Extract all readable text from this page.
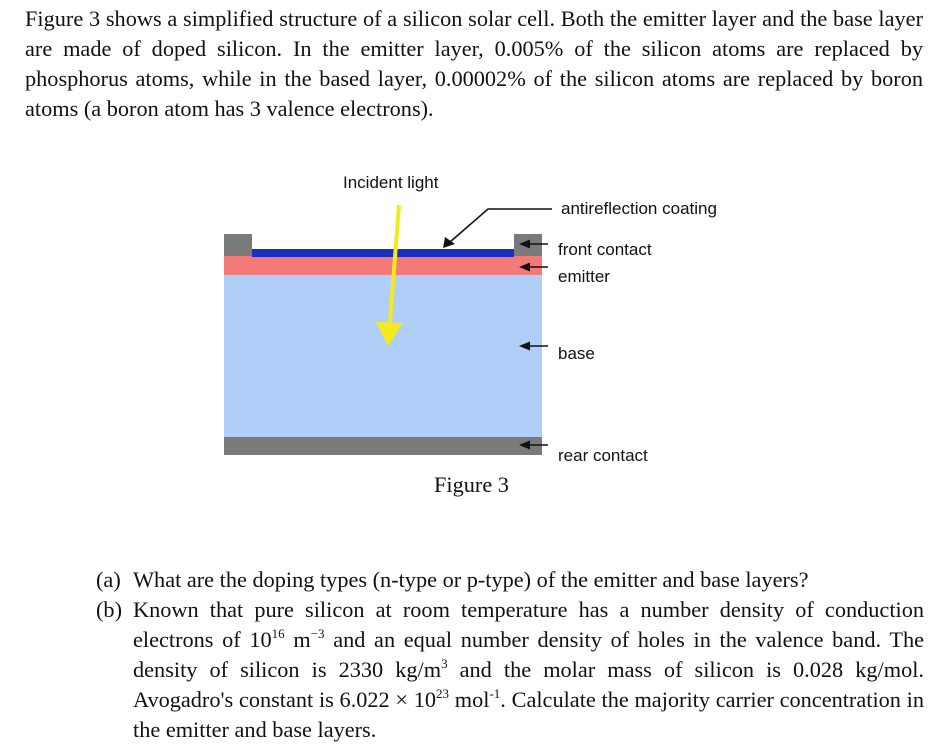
Figure 3 shows a simplified structure of a silicon solar cell. Both the emitter layer and the base layer are made of doped silicon. In the emitter layer, 0.005% of the silicon atoms are replaced by phosphorus atoms, while in the based layer, 0.00002% of the silicon atoms are replaced by boron atoms (a boron atom has 3 valence electrons).

Incident light
antireflection coating
front contact
emitter
base
rear contact

Figure 3

(a) What are the doping types (n-type or p-type) of the emitter and base layers?
(b) Known that pure silicon at room temperature has a number density of conduction electrons of $10^{16}$ $m^{-3}$ and an equal number density of holes in the valence band. The density of silicon is 2330 $kg/m^3$ and the molar mass of silicon is 0.028 kg/mol. Avogadro's constant is $6.022 \times 10^{23}$ mol$^{-1}$. Calculate the majority carrier concentration in the emitter and base layers.
